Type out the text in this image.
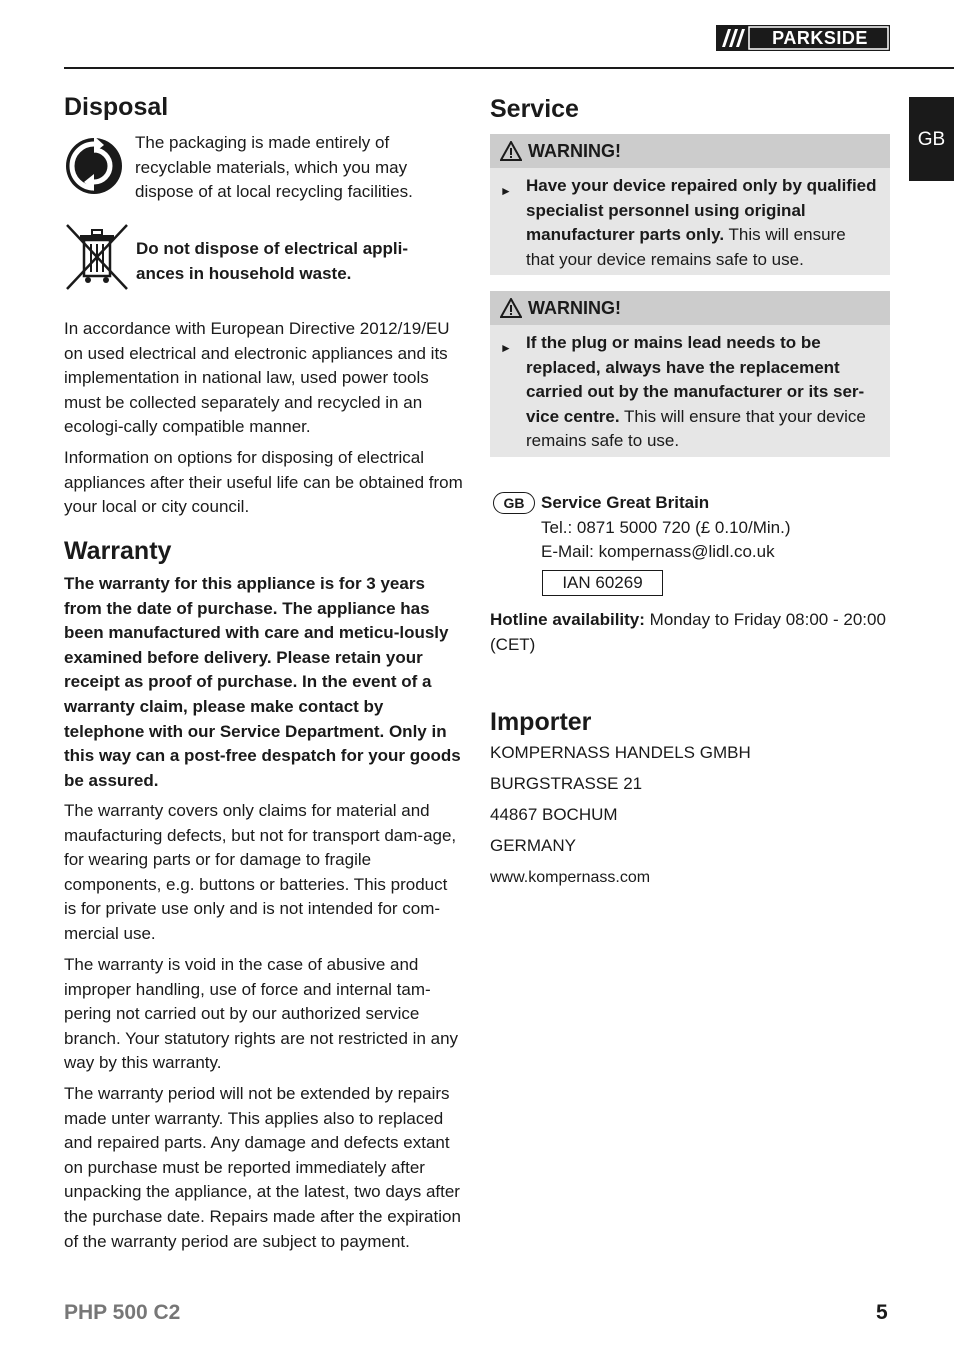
PARKSIDE
GB
Disposal

The packaging is made entirely of recyclable materials, which you may dispose of at local recycling facilities.

Do not dispose of electrical appli-ances in household waste.

In accordance with European Directive 2012/19/EU on used electrical and electronic appliances and its implementation in national law, used power tools must be collected separately and recycled in an ecologi-cally compatible manner.

Information on options for disposing of electrical appliances after their useful life can be obtained from your local or city council.

Warranty

The warranty for this appliance is for 3 years from the date of purchase. The appliance has been manufactured with care and meticu-lously examined before delivery. Please retain your receipt as proof of purchase. In the event of a warranty claim, please make contact by telephone with our Service Department. Only in this way can a post-free despatch for your goods be assured.

The warranty covers only claims for material and maufacturing defects, but not for transport dam-age, for wearing parts or for damage to fragile components, e.g. buttons or batteries. This product is for private use only and is not intended for com-mercial use.

The warranty is void in the case of abusive and improper handling, use of force and internal tam-pering not carried out by our authorized service branch. Your statutory rights are not restricted in any way by this warranty.

The warranty period will not be extended by repairs made unter warranty. This applies also to replaced and repaired parts. Any damage and defects extant on purchase must be reported immediately after unpacking the appliance, at the latest, two days after the purchase date. Repairs made after the expiration of the warranty period are subject to payment.

Service
WARNING!
► Have your device repaired only by qualified specialist personnel using original manufacturer parts only. This will ensure that your device remains safe to use.
WARNING!
► If the plug or mains lead needs to be replaced, always have the replacement carried out by the manufacturer or its ser-vice centre. This will ensure that your device remains safe to use.
GB Service Great Britain
Tel.: 0871 5000 720 (£ 0.10/Min.)
E-Mail: kompernass@lidl.co.uk
IAN 60269

Hotline availability: Monday to Friday 08:00 - 20:00 (CET)

Importer
KOMPERNASS HANDELS GMBH
BURGSTRASSE 21
44867 BOCHUM
GERMANY
www.kompernass.com
PHP 500 C2	5
